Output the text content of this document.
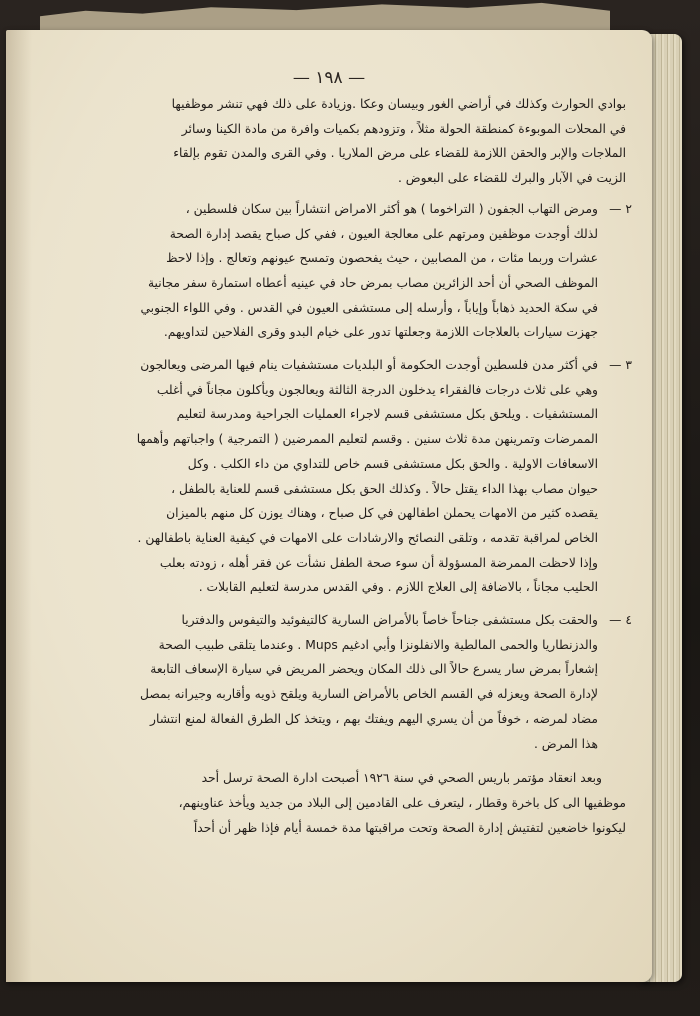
— ١٩٨ —
بوادي الحوارث وكذلك في أراضي الغور وبيسان وعكا .وزيادة على ذلك فهي تنشر موظفيها
في المحلات الموبوءة كمنطقة الحولة مثلاً ، وتزودهم بكميات وافرة من مادة الكينا وسائر
الملاجات والإبر والحقن اللازمة للقضاء على مرض الملاريا . وفي القرى والمدن تقوم بإلقاء
الزيت في الآبار والبرك للقضاء على البعوض .
٢ —
ومرض التهاب الجفون ( التراخوما ) هو أكثر الامراض انتشاراً بين سكان فلسطين ،
لذلك أوجدت موظفين ومرتهم على معالجة العيون ، ففي كل صباح يقصد إدارة الصحة
عشرات وربما مئات ، من المصابين ، حيث يفحصون وتمسح عيونهم وتعالج . وإذا لاحظ
الموظف الصحي أن أحد الزائرين مصاب بمرض حاد في عينيه أعطاه استمارة سفر مجانية
في سكة الحديد ذهاباً وإياباً ، وأرسله إلى مستشفى العيون في القدس . وفي اللواء الجنوبي
جهزت سيارات بالعلاجات اللازمة وجعلتها تدور على خيام البدو وقرى الفلاحين لتداويهم.
٣ —
في أكثر مدن فلسطين أوجدت الحكومة أو البلديات مستشفيات ينام فيها المرضى ويعالجون
وهي على ثلاث درجات فالفقراء يدخلون الدرجة الثالثة ويعالجون ويأكلون مجاناً في أغلب
المستشفيات . ويلحق بكل مستشفى قسم لاجراء العمليات الجراحية ومدرسة لتعليم
الممرضات وتمرينهن مدة ثلاث سنين . وقسم لتعليم الممرضين ( التمرجية ) واجباتهم وأهمها
الاسعافات الاولية . والحق بكل مستشفى قسم خاص للتداوي من داء الكلب . وكل
حيوان مصاب بهذا الداء يقتل حالاً . وكذلك الحق بكل مستشفى قسم للعناية بالطفل ،
يقصده كثير من الامهات يحملن اطفالهن في كل صباح ، وهناك يوزن كل منهم بالميزان
الخاص لمراقبة تقدمه ، وتلقى النصائح والارشادات على الامهات في كيفية العناية باطفالهن .
وإذا لاحظت الممرضة المسؤولة أن سوء صحة الطفل نشأت عن فقر أهله ، زودته بعلب
الحليب مجاناً ، بالاضافة إلى العلاج اللازم . وفي القدس مدرسة لتعليم القابلات .
٤ —
والحقت بكل مستشفى جناحاً خاصاً بالأمراض السارية كالتيفوئيد والتيفوس والدفتريا
والدزنطاريا والحمى المالطية والانفلونزا وأبي ادغيم Mups . وعندما يتلقى طبيب الصحة
إشعاراً بمرض سار يسرع حالاً الى ذلك المكان ويحضر المريض في سيارة الإسعاف التابعة
لإدارة الصحة ويعزله في القسم الخاص بالأمراض السارية ويلقح ذويه وأقاربه وجيرانه بمصل
مضاد لمرضه ، خوفاً من أن يسري اليهم ويفتك بهم ، ويتخذ كل الطرق الفعالة لمنع انتشار
هذا المرض .
وبعد انعقاد مؤتمر باريس الصحي في سنة ١٩٢٦ أصبحت ادارة الصحة ترسل أحد
موظفيها الى كل باخرة وقطار ، ليتعرف على القادمين إلى البلاد من جديد ويأخذ عناوينهم،
ليكونوا خاضعين لتفتيش إدارة الصحة وتحت مراقبتها مدة خمسة أيام فإذا ظهر أن أحداً
